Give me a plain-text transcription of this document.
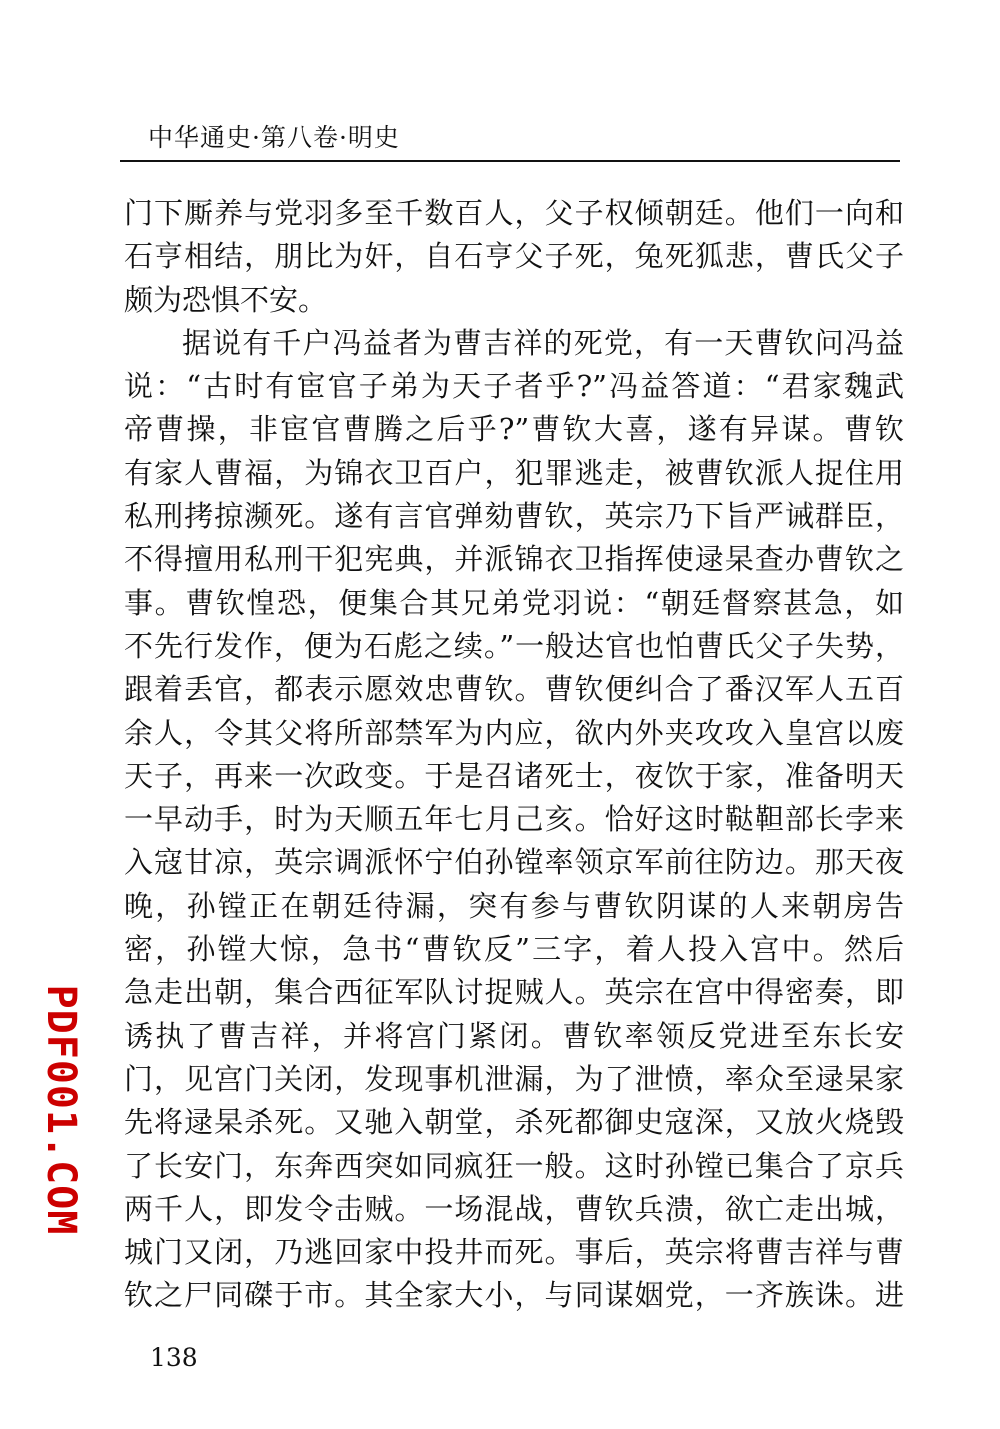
中华通史·第八卷·明史
门下厮养与党羽多至千数百人，父子权倾朝廷。他们一向和
石亨相结，朋比为奸，自石亨父子死，兔死狐悲，曹氏父子
颇为恐惧不安。
据说有千户冯益者为曹吉祥的死党，有一天曹钦问冯益
说：“古时有宦官子弟为天子者乎?”冯益答道：“君家魏武
帝曹操，非宦官曹腾之后乎?”曹钦大喜，遂有异谋。曹钦
有家人曹福，为锦衣卫百户，犯罪逃走，被曹钦派人捉住用
私刑拷掠濒死。遂有言官弹劾曹钦，英宗乃下旨严诫群臣，
不得擅用私刑干犯宪典，并派锦衣卫指挥使逯杲查办曹钦之
事。曹钦惶恐，便集合其兄弟党羽说：“朝廷督察甚急，如
不先行发作，便为石彪之续。”一般达官也怕曹氏父子失势，
跟着丢官，都表示愿效忠曹钦。曹钦便纠合了番汉军人五百
余人，令其父将所部禁军为内应，欲内外夹攻攻入皇宫以废
天子，再来一次政变。于是召诸死士，夜饮于家，准备明天
一早动手，时为天顺五年七月己亥。恰好这时鞑靼部长孛来
入寇甘凉，英宗调派怀宁伯孙镗率领京军前往防边。那天夜
晚，孙镗正在朝廷待漏，突有参与曹钦阴谋的人来朝房告
密，孙镗大惊，急书“曹钦反”三字，着人投入宫中。然后
急走出朝，集合西征军队讨捉贼人。英宗在宫中得密奏，即
诱执了曹吉祥，并将宫门紧闭。曹钦率领反党进至东长安
门，见宫门关闭，发现事机泄漏，为了泄愤，率众至逯杲家
先将逯杲杀死。又驰入朝堂，杀死都御史寇深，又放火烧毁
了长安门，东奔西突如同疯狂一般。这时孙镗已集合了京兵
两千人，即发令击贼。一场混战，曹钦兵溃，欲亡走出城，
城门又闭，乃逃回家中投井而死。事后，英宗将曹吉祥与曹
钦之尸同磔于市。其全家大小，与同谋姻党，一齐族诛。进
138
PDF001.COM
